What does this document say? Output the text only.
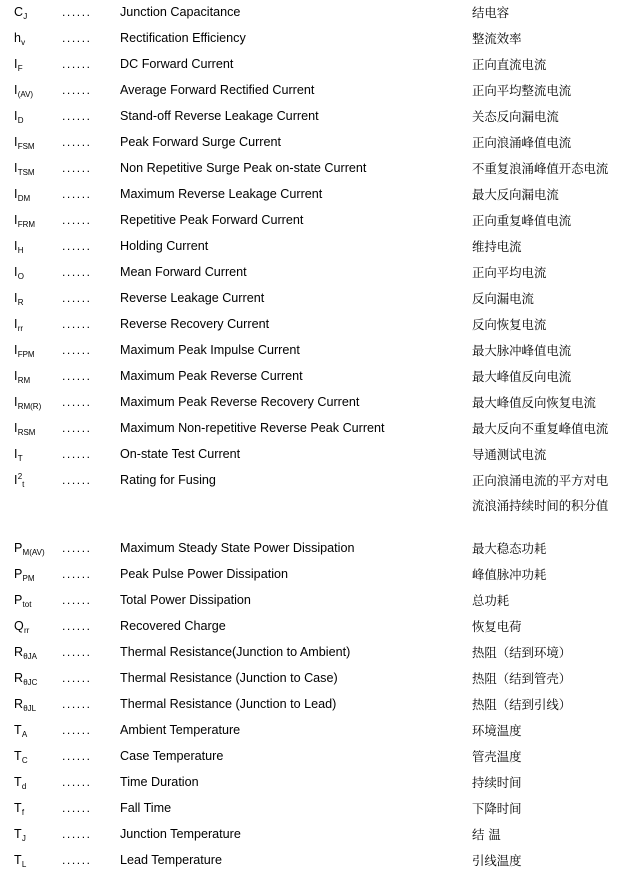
$C_J$	......	Junction Capacitance	结电容
$h_v$	......	Rectification Efficiency	整流效率
$I_F$	......	DC Forward Current	正向直流电流
$I_{(AV)}$	......	Average Forward Rectified Current	正向平均整流电流
$I_D$	......	Stand-off Reverse Leakage Current	关态反向漏电流
$I_{FSM}$	......	Peak Forward Surge Current	正向浪涌峰值电流
$I_{TSM}$	......	Non Repetitive Surge Peak on-state Current	不重复浪涌峰值开态电流
$I_{DM}$	......	Maximum Reverse Leakage Current	最大反向漏电流
$I_{FRM}$	......	Repetitive Peak Forward Current	正向重复峰值电流
$I_H$	......	Holding Current	维持电流
$I_O$	......	Mean Forward Current	正向平均电流
$I_R$	......	Reverse Leakage Current	反向漏电流
$I_{rr}$	......	Reverse Recovery Current	反向恢复电流
$I_{FPM}$	......	Maximum Peak Impulse Current	最大脉冲峰值电流
$I_{RM}$	......	Maximum Peak Reverse Current	最大峰值反向电流
$I_{RM(R)}$	......	Maximum Peak Reverse Recovery Current	最大峰值反向恢复电流
$I_{RSM}$	......	Maximum Non-repetitive Reverse Peak Current	最大反向不重复峰值电流
$I_T$	......	On-state Test Current	导通测试电流
$I^2_t$	......	Rating for Fusing	正向浪涌电流的平方对电
流浪涌持续时间的积分值

$P_{M(AV)}$	......	Maximum Steady State Power Dissipation	最大稳态功耗
$P_{PM}$	......	Peak Pulse Power Dissipation	峰值脉冲功耗
$P_{tot}$	......	Total Power Dissipation	总功耗
$Q_{rr}$	......	Recovered Charge	恢复电荷
$R_{\theta JA}$	......	Thermal Resistance(Junction to Ambient)	热阻（结到环境）
$R_{\theta JC}$	......	Thermal Resistance (Junction to Case)	热阻（结到管壳）
$R_{\theta JL}$	......	Thermal Resistance (Junction to Lead)	热阻（结到引线）
$T_A$	......	Ambient Temperature	环境温度
$T_C$	......	Case Temperature	管壳温度
$T_d$	......	Time Duration	持续时间
$T_f$	......	Fall Time	下降时间
$T_J$	......	Junction Temperature	结 温
$T_L$	......	Lead Temperature	引线温度
